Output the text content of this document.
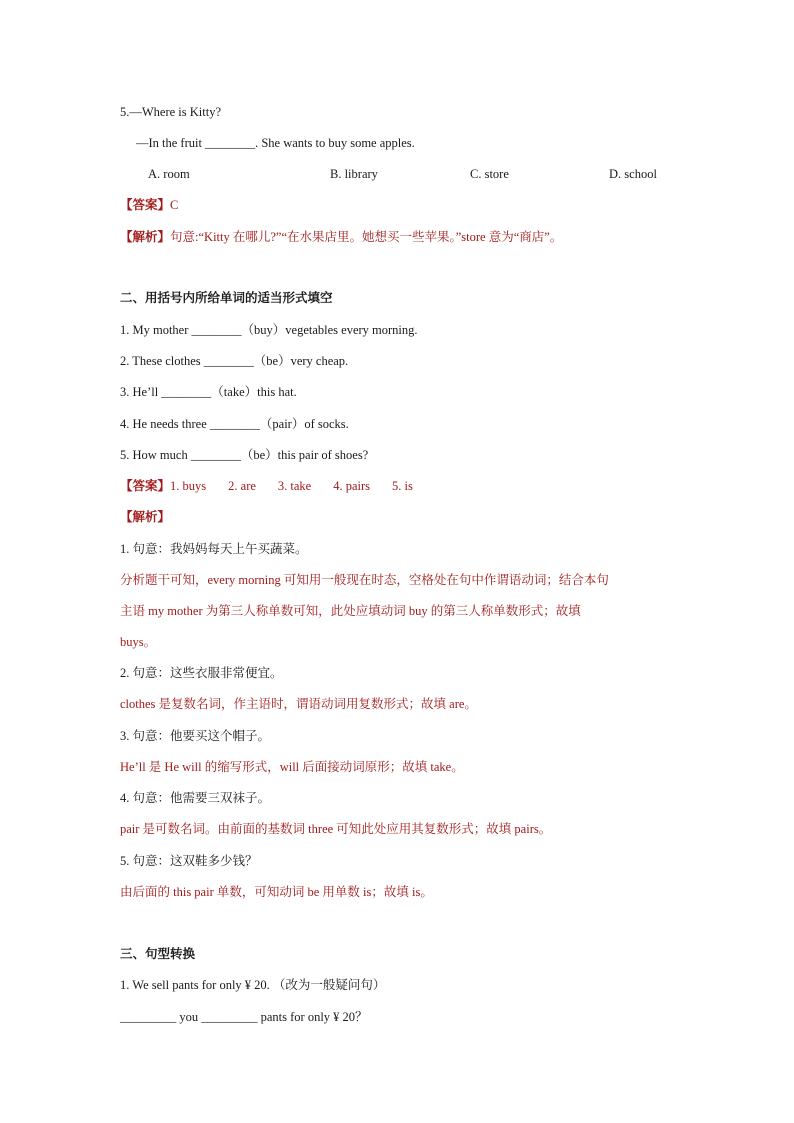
5.—Where is Kitty?
—In the fruit ________. She wants to buy some apples.
A. room	B. library	C. store	D. school
【答案】C
【解析】句意:“Kitty 在哪儿?”“在水果店里。她想买一些苹果。”store 意为“商店”。
二、用括号内所给单词的适当形式填空
1. My mother ________（buy）vegetables every morning.
2. These clothes ________（be）very cheap.
3. He’ll ________（take）this hat.
4. He needs three ________（pair）of socks.
5. How much ________（be）this pair of shoes?
【答案】1. buys 2. are 3. take 4. pairs 5. is
【解析】
1. 句意：我妈妈每天上午买蔬菜。
分析题干可知，every morning 可知用一般现在时态，空格处在句中作谓语动词；结合本句
主语 my mother 为第三人称单数可知，此处应填动词 buy 的第三人称单数形式；故填
buys。
2. 句意：这些衣服非常便宜。
clothes 是复数名词，作主语时，谓语动词用复数形式；故填 are。
3. 句意：他要买这个帽子。
He’ll 是 He will 的缩写形式，will 后面接动词原形；故填 take。
4. 句意：他需要三双袜子。
pair 是可数名词。由前面的基数词 three 可知此处应用其复数形式；故填 pairs。
5. 句意：这双鞋多少钱？
由后面的 this pair 单数，可知动词 be 用单数 is；故填 is。
三、句型转换
1. We sell pants for only ¥ 20. （改为一般疑问句）
_________ you _________ pants for only ¥ 20？
